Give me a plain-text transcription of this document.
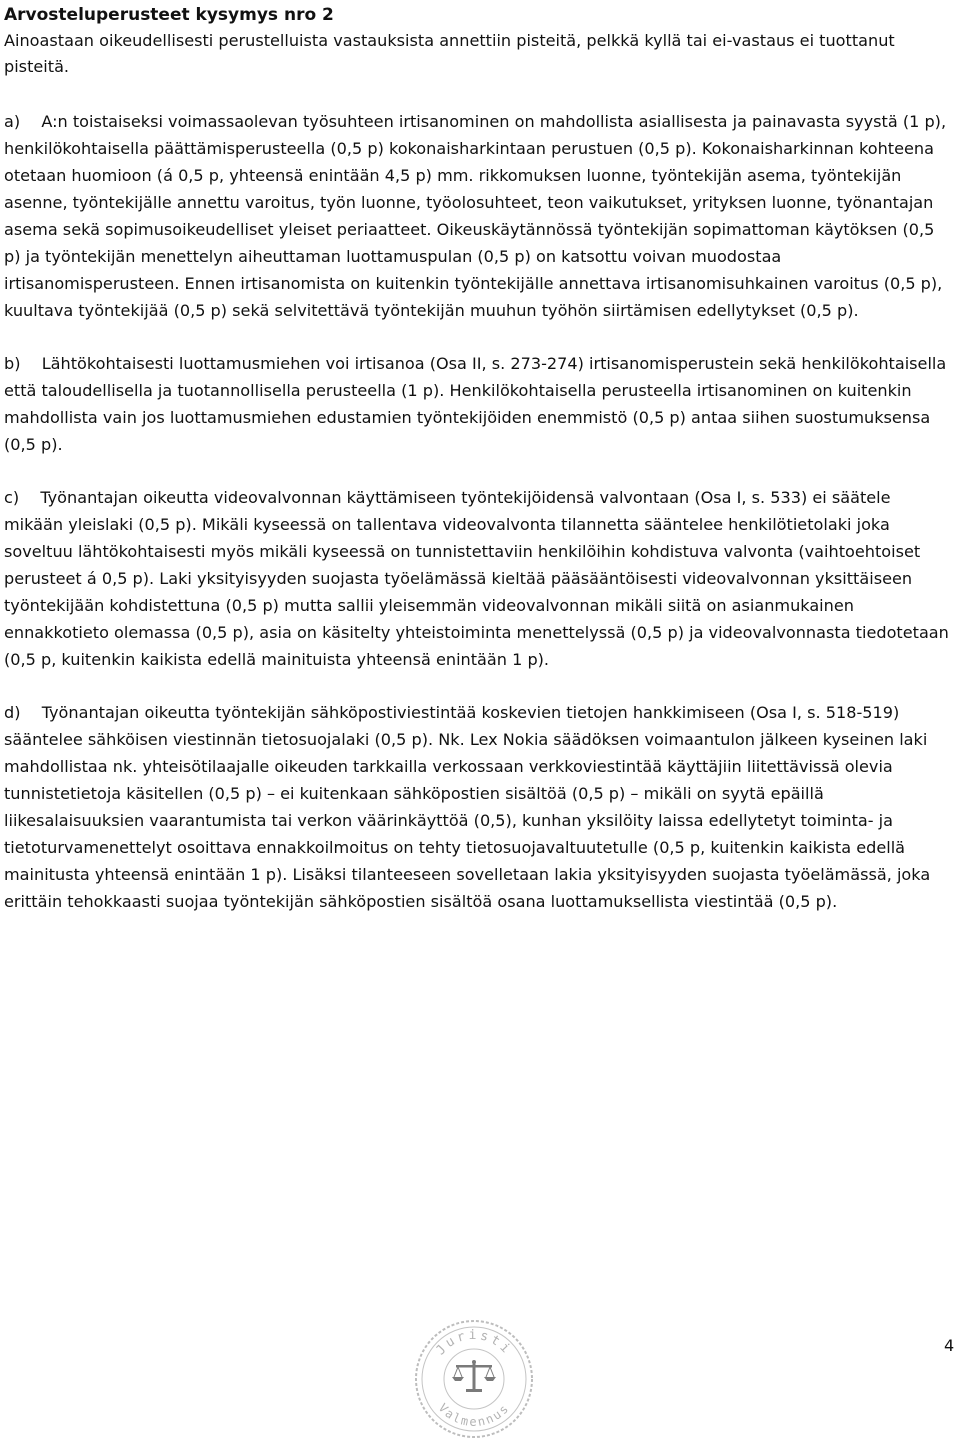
Arvosteluperusteet kysymys nro 2

Ainoastaan oikeudellisesti perustelluista vastauksista annettiin pisteitä, pelkkä kyllä tai ei-vastaus ei tuottanut pisteitä.

a)  A:n toistaiseksi voimassaolevan työsuhteen irtisanominen on mahdollista asiallisesta ja painavasta syystä (1 p), henkilökohtaisella päättämisperusteella (0,5 p) kokonaisharkintaan perustuen (0,5 p). Kokonaisharkinnan kohteena otetaan huomioon (á 0,5 p, yhteensä enintään 4,5 p) mm. rikkomuksen luonne, työntekijän asema, työntekijän asenne, työntekijälle annettu varoitus, työn luonne, työolosuhteet, teon vaikutukset, yrityksen luonne, työnantajan asema sekä sopimusoikeudelliset yleiset periaatteet. Oikeuskäytännössä työntekijän sopimattoman käytöksen (0,5 p) ja työntekijän menettelyn aiheuttaman luottamuspulan (0,5 p) on katsottu voivan muodostaa irtisanomisperusteen. Ennen irtisanomista on kuitenkin työntekijälle annettava irtisanomisuhkainen varoitus (0,5 p), kuultava työntekijää (0,5 p) sekä selvitettävä työntekijän muuhun työhön siirtämisen edellytykset (0,5 p).

b)  Lähtökohtaisesti luottamusmiehen voi irtisanoa (Osa II, s. 273-274) irtisanomisperustein sekä henkilökohtaisella että taloudellisella ja tuotannollisella perusteella (1 p). Henkilökohtaisella perusteella irtisanominen on kuitenkin mahdollista vain jos luottamusmiehen edustamien työntekijöiden enemmistö (0,5 p) antaa siihen suostumuksensa (0,5 p).

c)  Työnantajan oikeutta videovalvonnan käyttämiseen työntekijöidensä valvontaan (Osa I, s. 533) ei säätele mikään yleislaki (0,5 p). Mikäli kyseessä on tallentava videovalvonta tilannetta sääntelee henkilötietolaki joka soveltuu lähtökohtaisesti myös mikäli kyseessä on tunnistettaviin henkilöihin kohdistuva valvonta (vaihtoehtoiset perusteet á 0,5 p). Laki yksityisyyden suojasta työelämässä kieltää pääsääntöisesti videovalvonnan yksittäiseen työntekijään kohdistettuna (0,5 p) mutta sallii yleisemmän videovalvonnan mikäli siitä on asianmukainen ennakkotieto olemassa (0,5 p), asia on käsitelty yhteistoiminta menettelyssä (0,5 p) ja videovalvonnasta tiedotetaan (0,5 p, kuitenkin kaikista edellä mainituista yhteensä enintään 1 p).

d)  Työnantajan oikeutta työntekijän sähköpostiviestintää koskevien tietojen hankkimiseen (Osa I, s. 518-519) sääntelee sähköisen viestinnän tietosuojalaki (0,5 p). Nk. Lex Nokia säädöksen voimaantulon jälkeen kyseinen laki mahdollistaa nk. yhteisötilaajalle oikeuden tarkkailla verkossaan verkkoviestintää käyttäjiin liitettävissä olevia tunnistetietoja käsitellen (0,5 p) – ei kuitenkaan sähköpostien sisältöä (0,5 p) – mikäli on syytä epäillä liikesalaisuuksien vaarantumista tai verkon väärinkäyttöä (0,5), kunhan yksilöity laissa edellytetyt toiminta- ja tietoturvamenettelyt osoittava ennakkoilmoitus on tehty tietosuojavaltuutetulle (0,5 p, kuitenkin kaikista edellä mainitusta yhteensä enintään 1 p). Lisäksi tilanteeseen sovelletaan lakia yksityisyyden suojasta työelämässä, joka erittäin tehokkaasti suojaa työntekijän sähköpostien sisältöä osana luottamuksellista viestintää (0,5 p).

Juristi
Valmennus
4
